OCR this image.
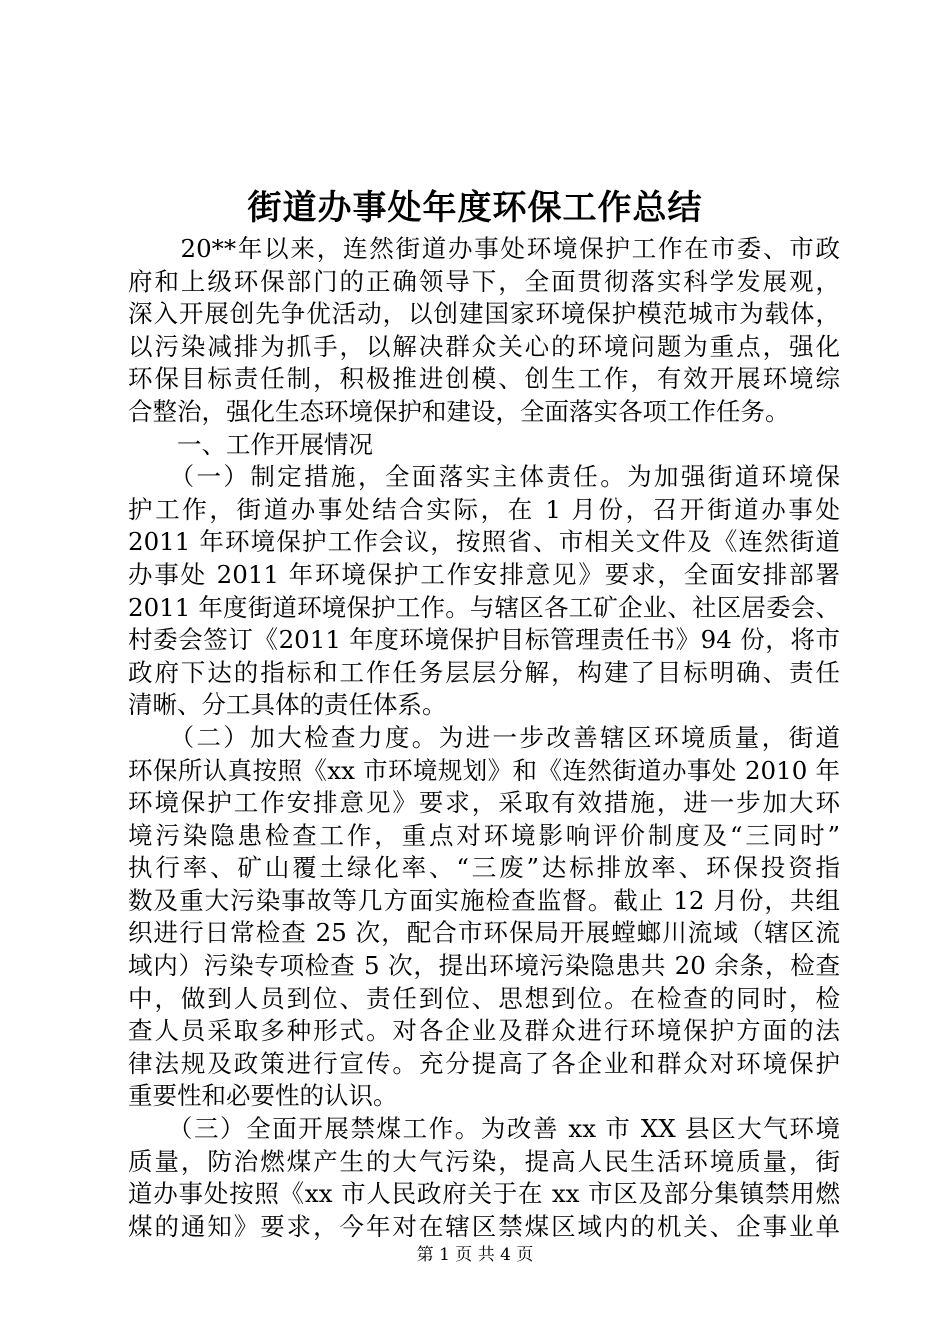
街道办事处年度环保工作总结
　　20**年以来，连然街道办事处环境保护工作在市委、市政
府和上级环保部门的正确领导下，全面贯彻落实科学发展观，
深入开展创先争优活动，以创建国家环境保护模范城市为载体，
以污染减排为抓手，以解决群众关心的环境问题为重点，强化
环保目标责任制，积极推进创模、创生工作，有效开展环境综
合整治，强化生态环境保护和建设，全面落实各项工作任务。
　　一、工作开展情况
　　（一）制定措施，全面落实主体责任。为加强街道环境保
护工作，街道办事处结合实际，在 1 月份，召开街道办事处
2011 年环境保护工作会议，按照省、市相关文件及《连然街道
办事处 2011 年环境保护工作安排意见》要求，全面安排部署
2011 年度街道环境保护工作。与辖区各工矿企业、社区居委会、
村委会签订《2011 年度环境保护目标管理责任书》94 份，将市
政府下达的指标和工作任务层层分解，构建了目标明确、责任
清晰、分工具体的责任体系。
　　（二）加大检查力度。为进一步改善辖区环境质量，街道
环保所认真按照《xx 市环境规划》和《连然街道办事处 2010 年
环境保护工作安排意见》要求，采取有效措施，进一步加大环
境污染隐患检查工作，重点对环境影响评价制度及“三同时”
执行率、矿山覆土绿化率、“三废”达标排放率、环保投资指
数及重大污染事故等几方面实施检查监督。截止 12 月份，共组
织进行日常检查 25 次，配合市环保局开展螳螂川流域（辖区流
域内）污染专项检查 5 次，提出环境污染隐患共 20 余条，检查
中，做到人员到位、责任到位、思想到位。在检查的同时，检
查人员采取多种形式。对各企业及群众进行环境保护方面的法
律法规及政策进行宣传。充分提高了各企业和群众对环境保护
重要性和必要性的认识。
　　（三）全面开展禁煤工作。为改善 xx 市 XX 县区大气环境
质量，防治燃煤产生的大气污染，提高人民生活环境质量，街
道办事处按照《xx 市人民政府关于在 xx 市区及部分集镇禁用燃
煤的通知》要求，今年对在辖区禁煤区域内的机关、企事业单
第 1 页 共 4 页
